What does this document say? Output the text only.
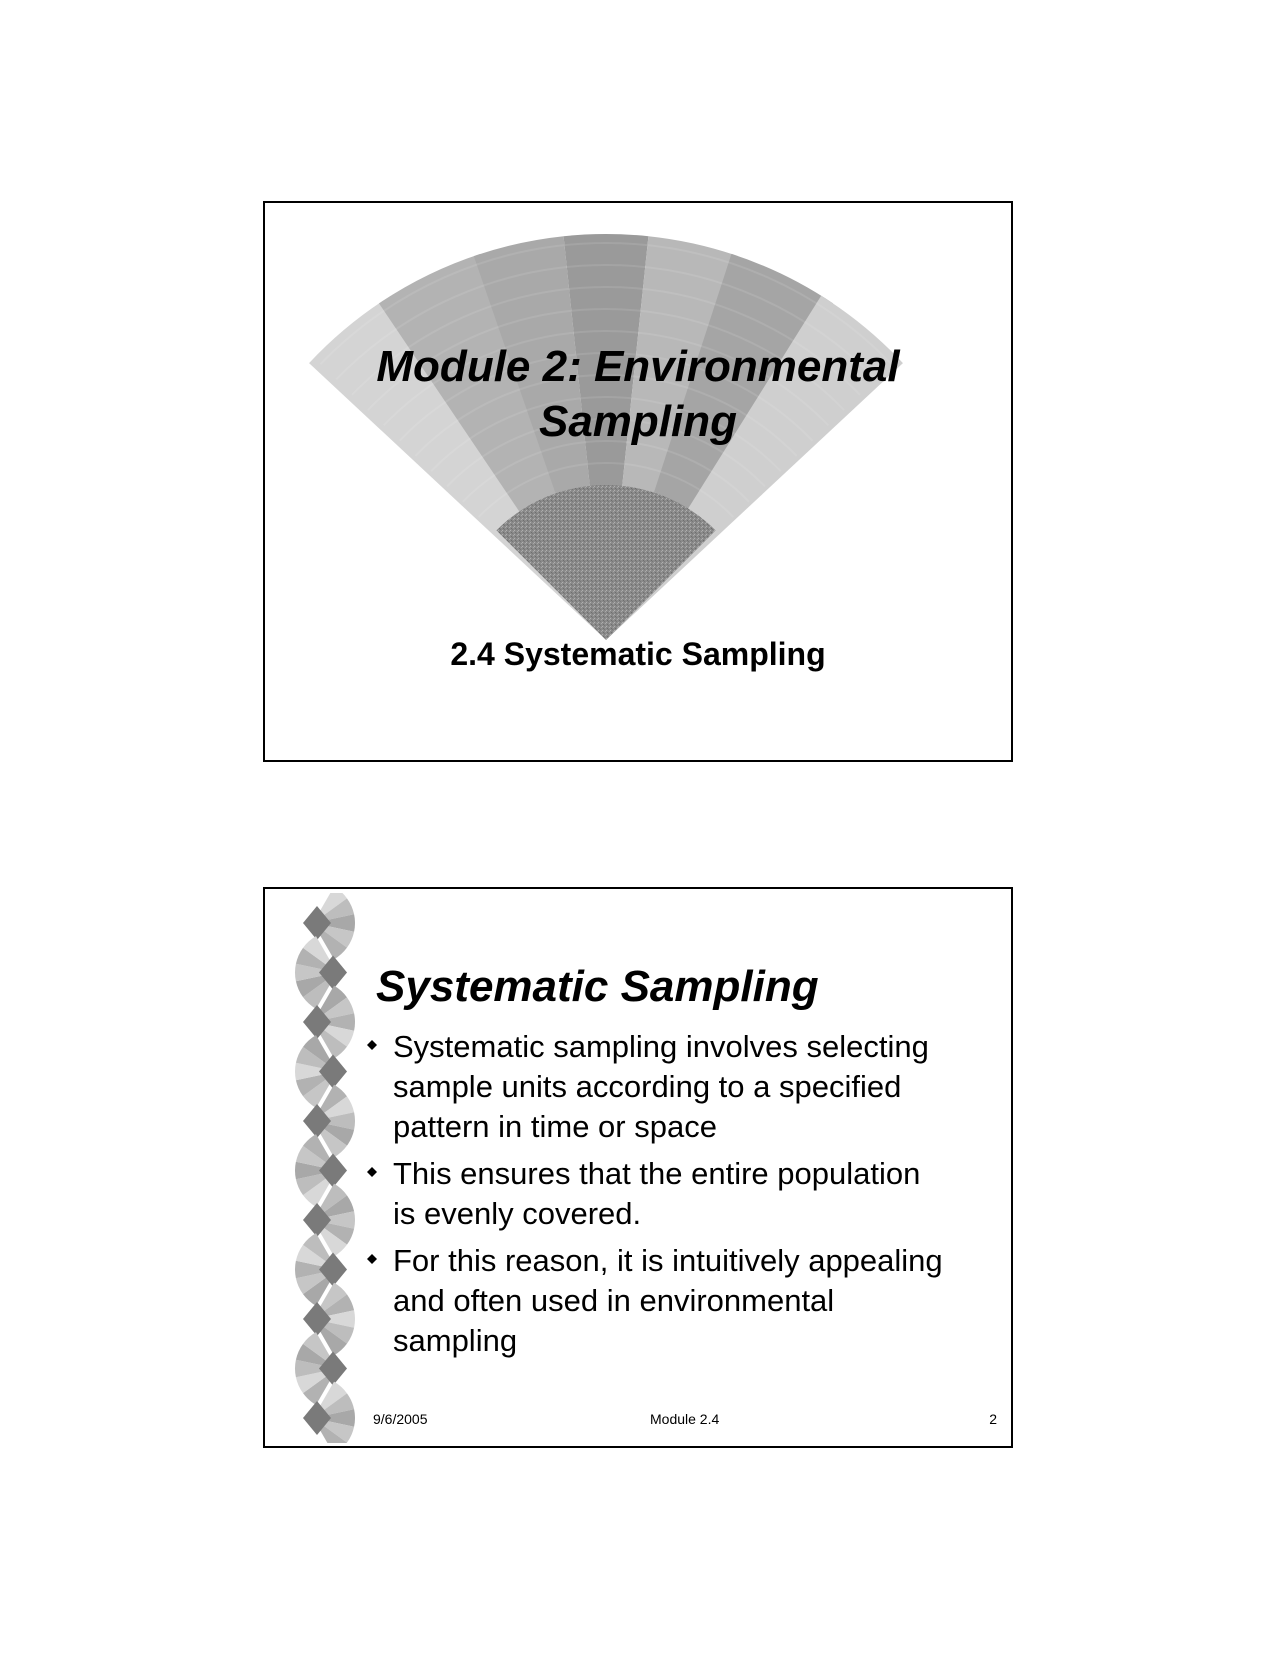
Module 2: Environmental
Sampling

2.4 Systematic Sampling

Systematic Sampling
Systematic sampling involves selecting
sample units according to a specified
pattern in time or space
This ensures that the entire population
is evenly covered.
For this reason, it is intuitively appealing
and often used in environmental
sampling
9/6/2005	Module 2.4	2
